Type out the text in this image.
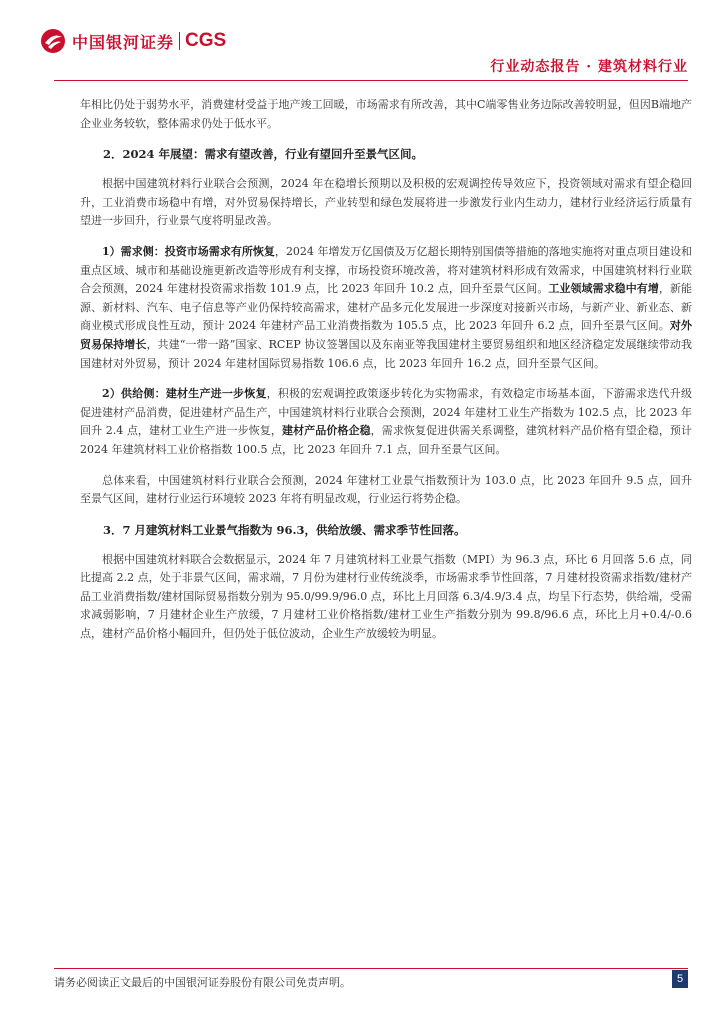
中国银河证券 CGS
行业动态报告 · 建筑材料行业

年相比仍处于弱势水平，消费建材受益于地产竣工回暖，市场需求有所改善，其中C端零售业务边际改善较明显，但因B端地产企业业务较软，整体需求仍处于低水平。

2．2024 年展望：需求有望改善，行业有望回升至景气区间。

根据中国建筑材料行业联合会预测，2024 年在稳增长预期以及积极的宏观调控传导效应下，投资领域对需求有望企稳回升，工业消费市场稳中有增，对外贸易保持增长，产业转型和绿色发展将进一步激发行业内生动力，建材行业经济运行质量有望进一步回升，行业景气度将明显改善。

1）需求侧：投资市场需求有所恢复，2024 年增发万亿国债及万亿超长期特别国债等措施的落地实施将对重点项目建设和重点区域、城市和基础设施更新改造等形成有利支撑，市场投资环境改善，将对建筑材料形成有效需求，中国建筑材料行业联合会预测，2024 年建材投资需求指数 101.9 点，比 2023 年回升 10.2 点，回升至景气区间。工业领域需求稳中有增，新能源、新材料、汽车、电子信息等产业仍保持较高需求，建材产品多元化发展进一步深度对接新兴市场，与新产业、新业态、新商业模式形成良性互动，预计 2024 年建材产品工业消费指数为 105.5 点，比 2023 年回升 6.2 点，回升至景气区间。对外贸易保持增长，共建“一带一路”国家、RCEP 协议签署国以及东南亚等我国建材主要贸易组织和地区经济稳定发展继续带动我国建材对外贸易，预计 2024 年建材国际贸易指数 106.6 点，比 2023 年回升 16.2 点，回升至景气区间。

2）供给侧：建材生产进一步恢复，积极的宏观调控政策逐步转化为实物需求，有效稳定市场基本面，下游需求迭代升级促进建材产品消费，促进建材产品生产，中国建筑材料行业联合会预测，2024 年建材工业生产指数为 102.5 点，比 2023 年回升 2.4 点，建材工业生产进一步恢复，建材产品价格企稳，需求恢复促进供需关系调整，建筑材料产品价格有望企稳，预计 2024 年建筑材料工业价格指数 100.5 点，比 2023 年回升 7.1 点，回升至景气区间。

总体来看，中国建筑材料行业联合会预测，2024 年建材工业景气指数预计为 103.0 点，比 2023 年回升 9.5 点，回升至景气区间，建材行业运行环境较 2023 年将有明显改观，行业运行将势企稳。

3．7 月建筑材料工业景气指数为 96.3，供给放缓、需求季节性回落。

根据中国建筑材料联合会数据显示，2024 年 7 月建筑材料工业景气指数（MPI）为 96.3 点，环比 6 月回落 5.6 点，同比提高 2.2 点，处于非景气区间，需求端，7 月份为建材行业传统淡季，市场需求季节性回落，7 月建材投资需求指数/建材产品工业消费指数/建材国际贸易指数分别为 95.0/99.9/96.0 点，环比上月回落 6.3/4.9/3.4 点，均呈下行态势，供给端，受需求减弱影响，7 月建材企业生产放缓，7 月建材工业价格指数/建材工业生产指数分别为 99.8/96.6 点，环比上月+0.4/-0.6 点，建材产品价格小幅回升，但仍处于低位波动，企业生产放缓较为明显。

请务必阅读正文最后的中国银河证券股份有限公司免责声明。	5
